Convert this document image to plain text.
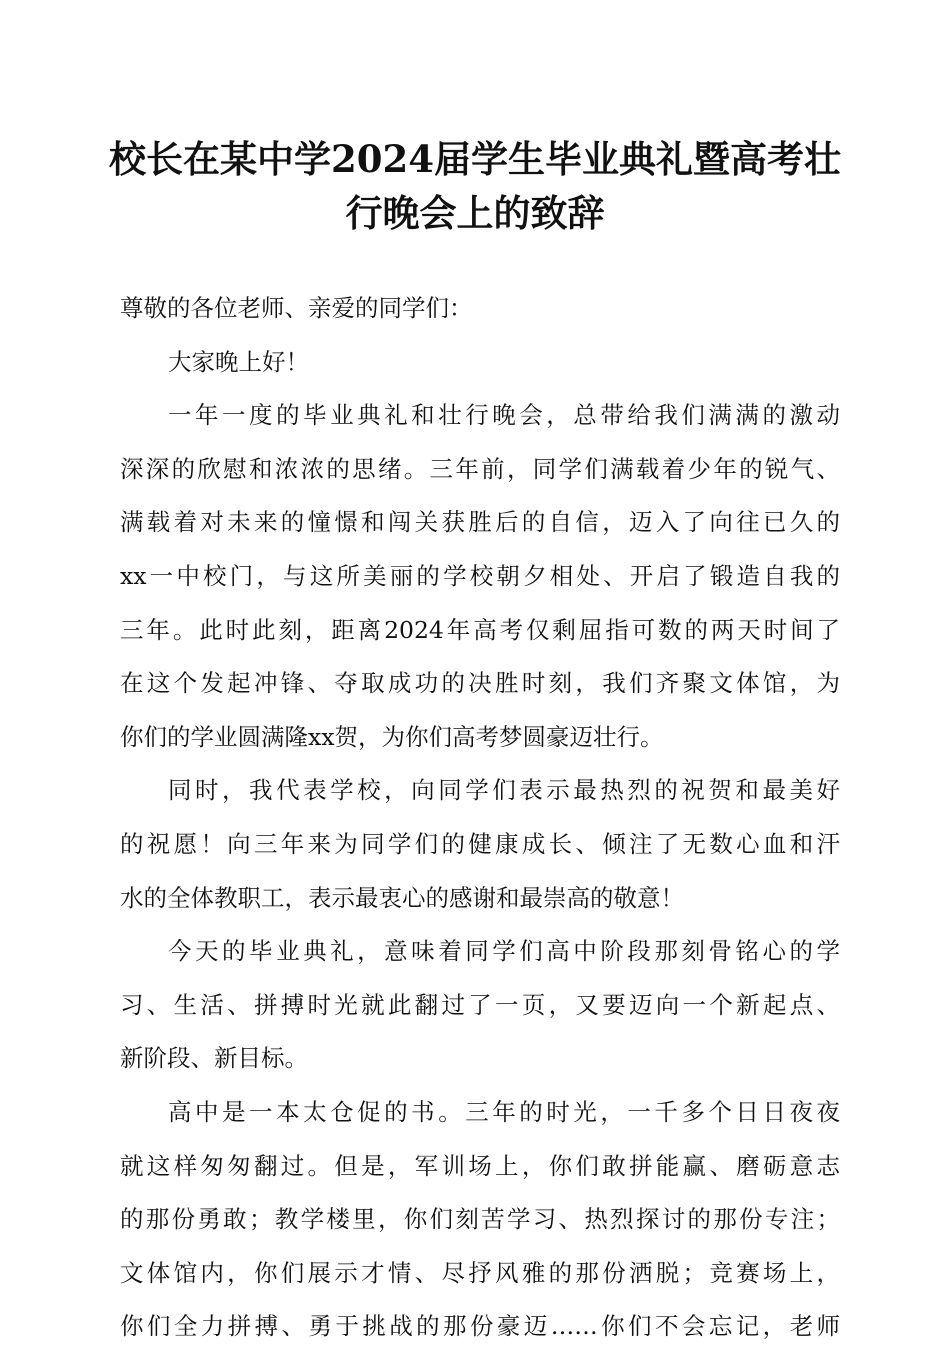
校长在某中学2024届学生毕业典礼暨高考壮
行晚会上的致辞
尊敬的各位老师、亲爱的同学们：
大家晚上好！
一年一度的毕业典礼和壮行晚会，总带给我们满满的激动
深深的欣慰和浓浓的思绪。三年前，同学们满载着少年的锐气、
满载着对未来的憧憬和闯关获胜后的自信，迈入了向往已久的
xx一中校门，与这所美丽的学校朝夕相处、开启了锻造自我的
三年。此时此刻，距离2024年高考仅剩屈指可数的两天时间了
在这个发起冲锋、夺取成功的决胜时刻，我们齐聚文体馆，为
你们的学业圆满隆xx贺，为你们高考梦圆豪迈壮行。
同时，我代表学校，向同学们表示最热烈的祝贺和最美好
的祝愿！向三年来为同学们的健康成长、倾注了无数心血和汗
水的全体教职工，表示最衷心的感谢和最崇高的敬意！
今天的毕业典礼，意味着同学们高中阶段那刻骨铭心的学
习、生活、拼搏时光就此翻过了一页，又要迈向一个新起点、
新阶段、新目标。
高中是一本太仓促的书。三年的时光，一千多个日日夜夜
就这样匆匆翻过。但是，军训场上，你们敢拼能赢、磨砺意志
的那份勇敢；教学楼里，你们刻苦学习、热烈探讨的那份专注；
文体馆内，你们展示才情、尽抒风雅的那份洒脱；竞赛场上，
你们全力拼搏、勇于挑战的那份豪迈……你们不会忘记，老师
